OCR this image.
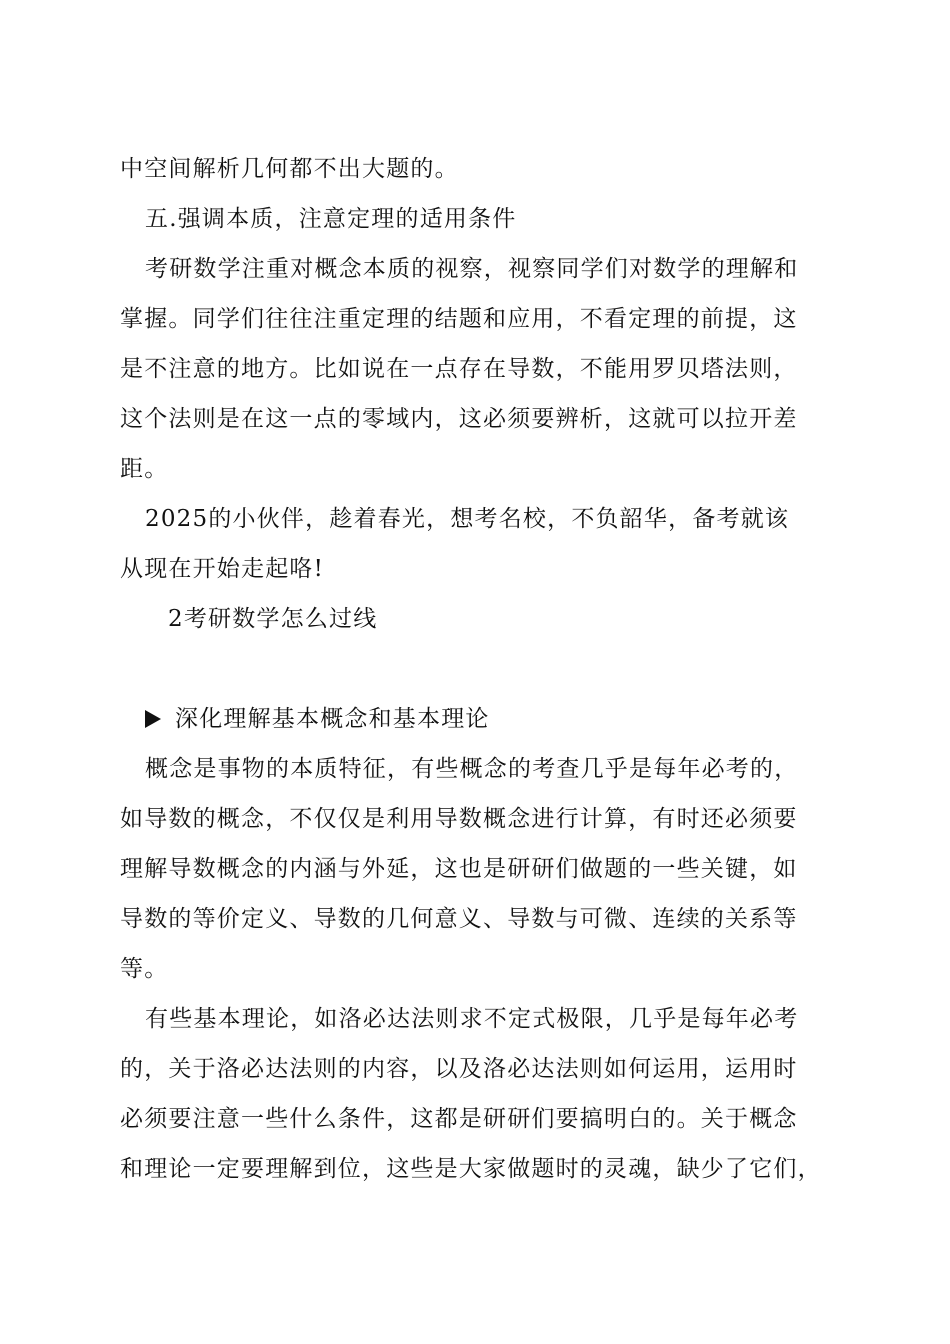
中空间解析几何都不出大题的。
五.强调本质，注意定理的适用条件
考研数学注重对概念本质的视察，视察同学们对数学的理解和
掌握。同学们往往注重定理的结题和应用，不看定理的前提，这
是不注意的地方。比如说在一点存在导数，不能用罗贝塔法则，
这个法则是在这一点的零域内，这必须要辨析，这就可以拉开差
距。
2025的小伙伴，趁着春光，想考名校，不负韶华，备考就该
从现在开始走起咯!
2考研数学怎么过线
深化理解基本概念和基本理论
概念是事物的本质特征，有些概念的考查几乎是每年必考的，
如导数的概念，不仅仅是利用导数概念进行计算，有时还必须要
理解导数概念的内涵与外延，这也是研研们做题的一些关键，如
导数的等价定义、导数的几何意义、导数与可微、连续的关系等
等。
有些基本理论，如洛必达法则求不定式极限，几乎是每年必考
的，关于洛必达法则的内容，以及洛必达法则如何运用，运用时
必须要注意一些什么条件，这都是研研们要搞明白的。关于概念
和理论一定要理解到位，这些是大家做题时的灵魂，缺少了它们，
